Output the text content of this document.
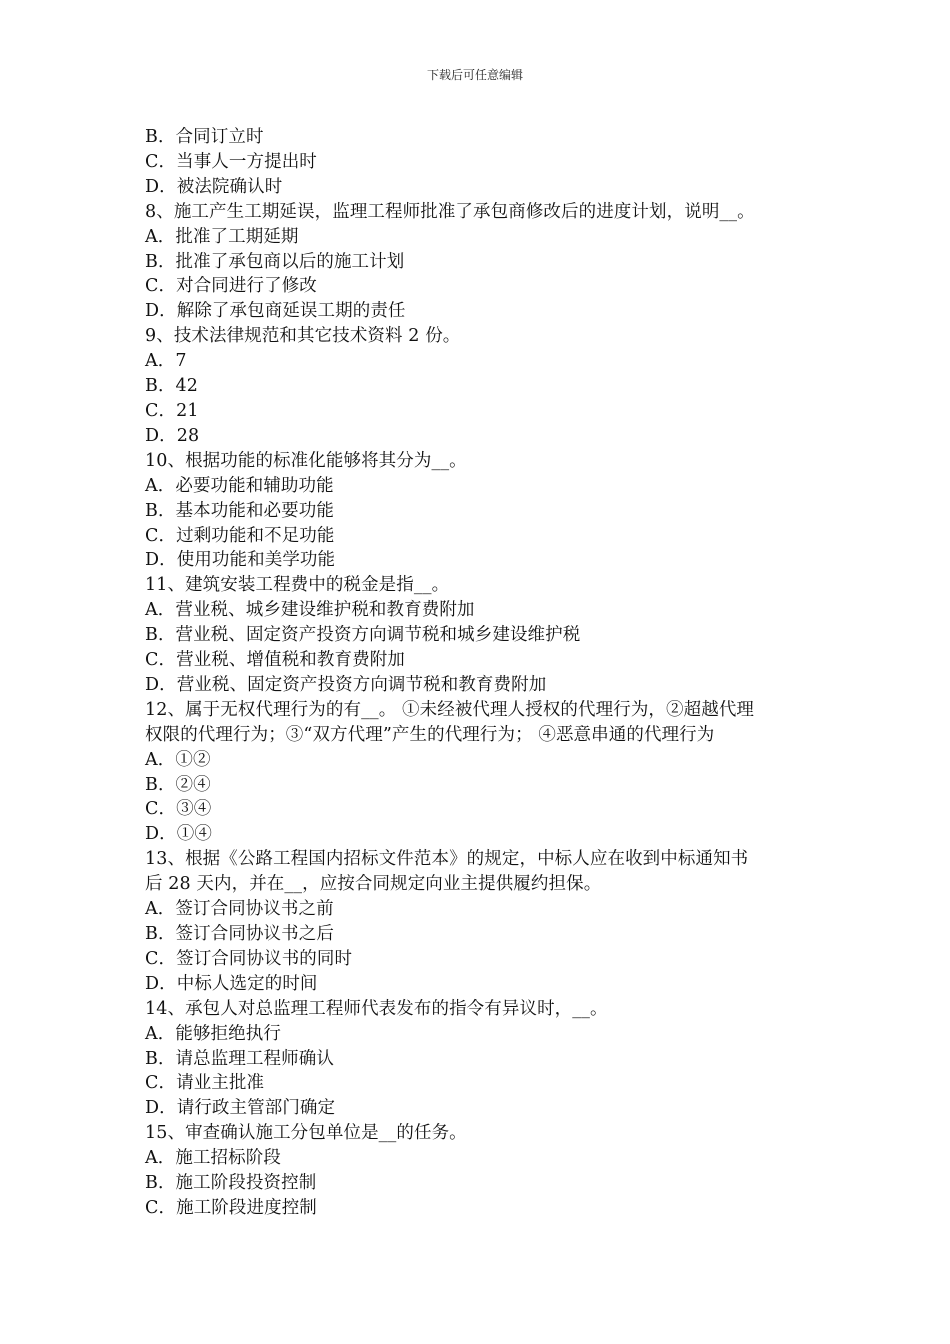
下载后可任意编辑
B．合同订立时
C．当事人一方提出时
D．被法院确认时
8、施工产生工期延误，监理工程师批准了承包商修改后的进度计划，说明__。
A．批准了工期延期
B．批准了承包商以后的施工计划
C．对合同进行了修改
D．解除了承包商延误工期的责任
9、技术法律规范和其它技术资料 2 份。
A．7
B．42
C．21
D．28
10、根据功能的标准化能够将其分为__。
A．必要功能和辅助功能
B．基本功能和必要功能
C．过剩功能和不足功能
D．使用功能和美学功能
11、建筑安装工程费中的税金是指__。
A．营业税、城乡建设维护税和教育费附加
B．营业税、固定资产投资方向调节税和城乡建设维护税
C．营业税、增值税和教育费附加
D．营业税、固定资产投资方向调节税和教育费附加
12、属于无权代理行为的有__。 ①未经被代理人授权的代理行为，②超越代理
权限的代理行为；③“双方代理”产生的代理行为； ④恶意串通的代理行为
A．①②
B．②④
C．③④
D．①④
13、根据《公路工程国内招标文件范本》的规定，中标人应在收到中标通知书
后 28 天内，并在__，应按合同规定向业主提供履约担保。
A．签订合同协议书之前
B．签订合同协议书之后
C．签订合同协议书的同时
D．中标人选定的时间
14、承包人对总监理工程师代表发布的指令有异议时，__。
A．能够拒绝执行
B．请总监理工程师确认
C．请业主批准
D．请行政主管部门确定
15、审查确认施工分包单位是__的任务。
A．施工招标阶段
B．施工阶段投资控制
C．施工阶段进度控制
